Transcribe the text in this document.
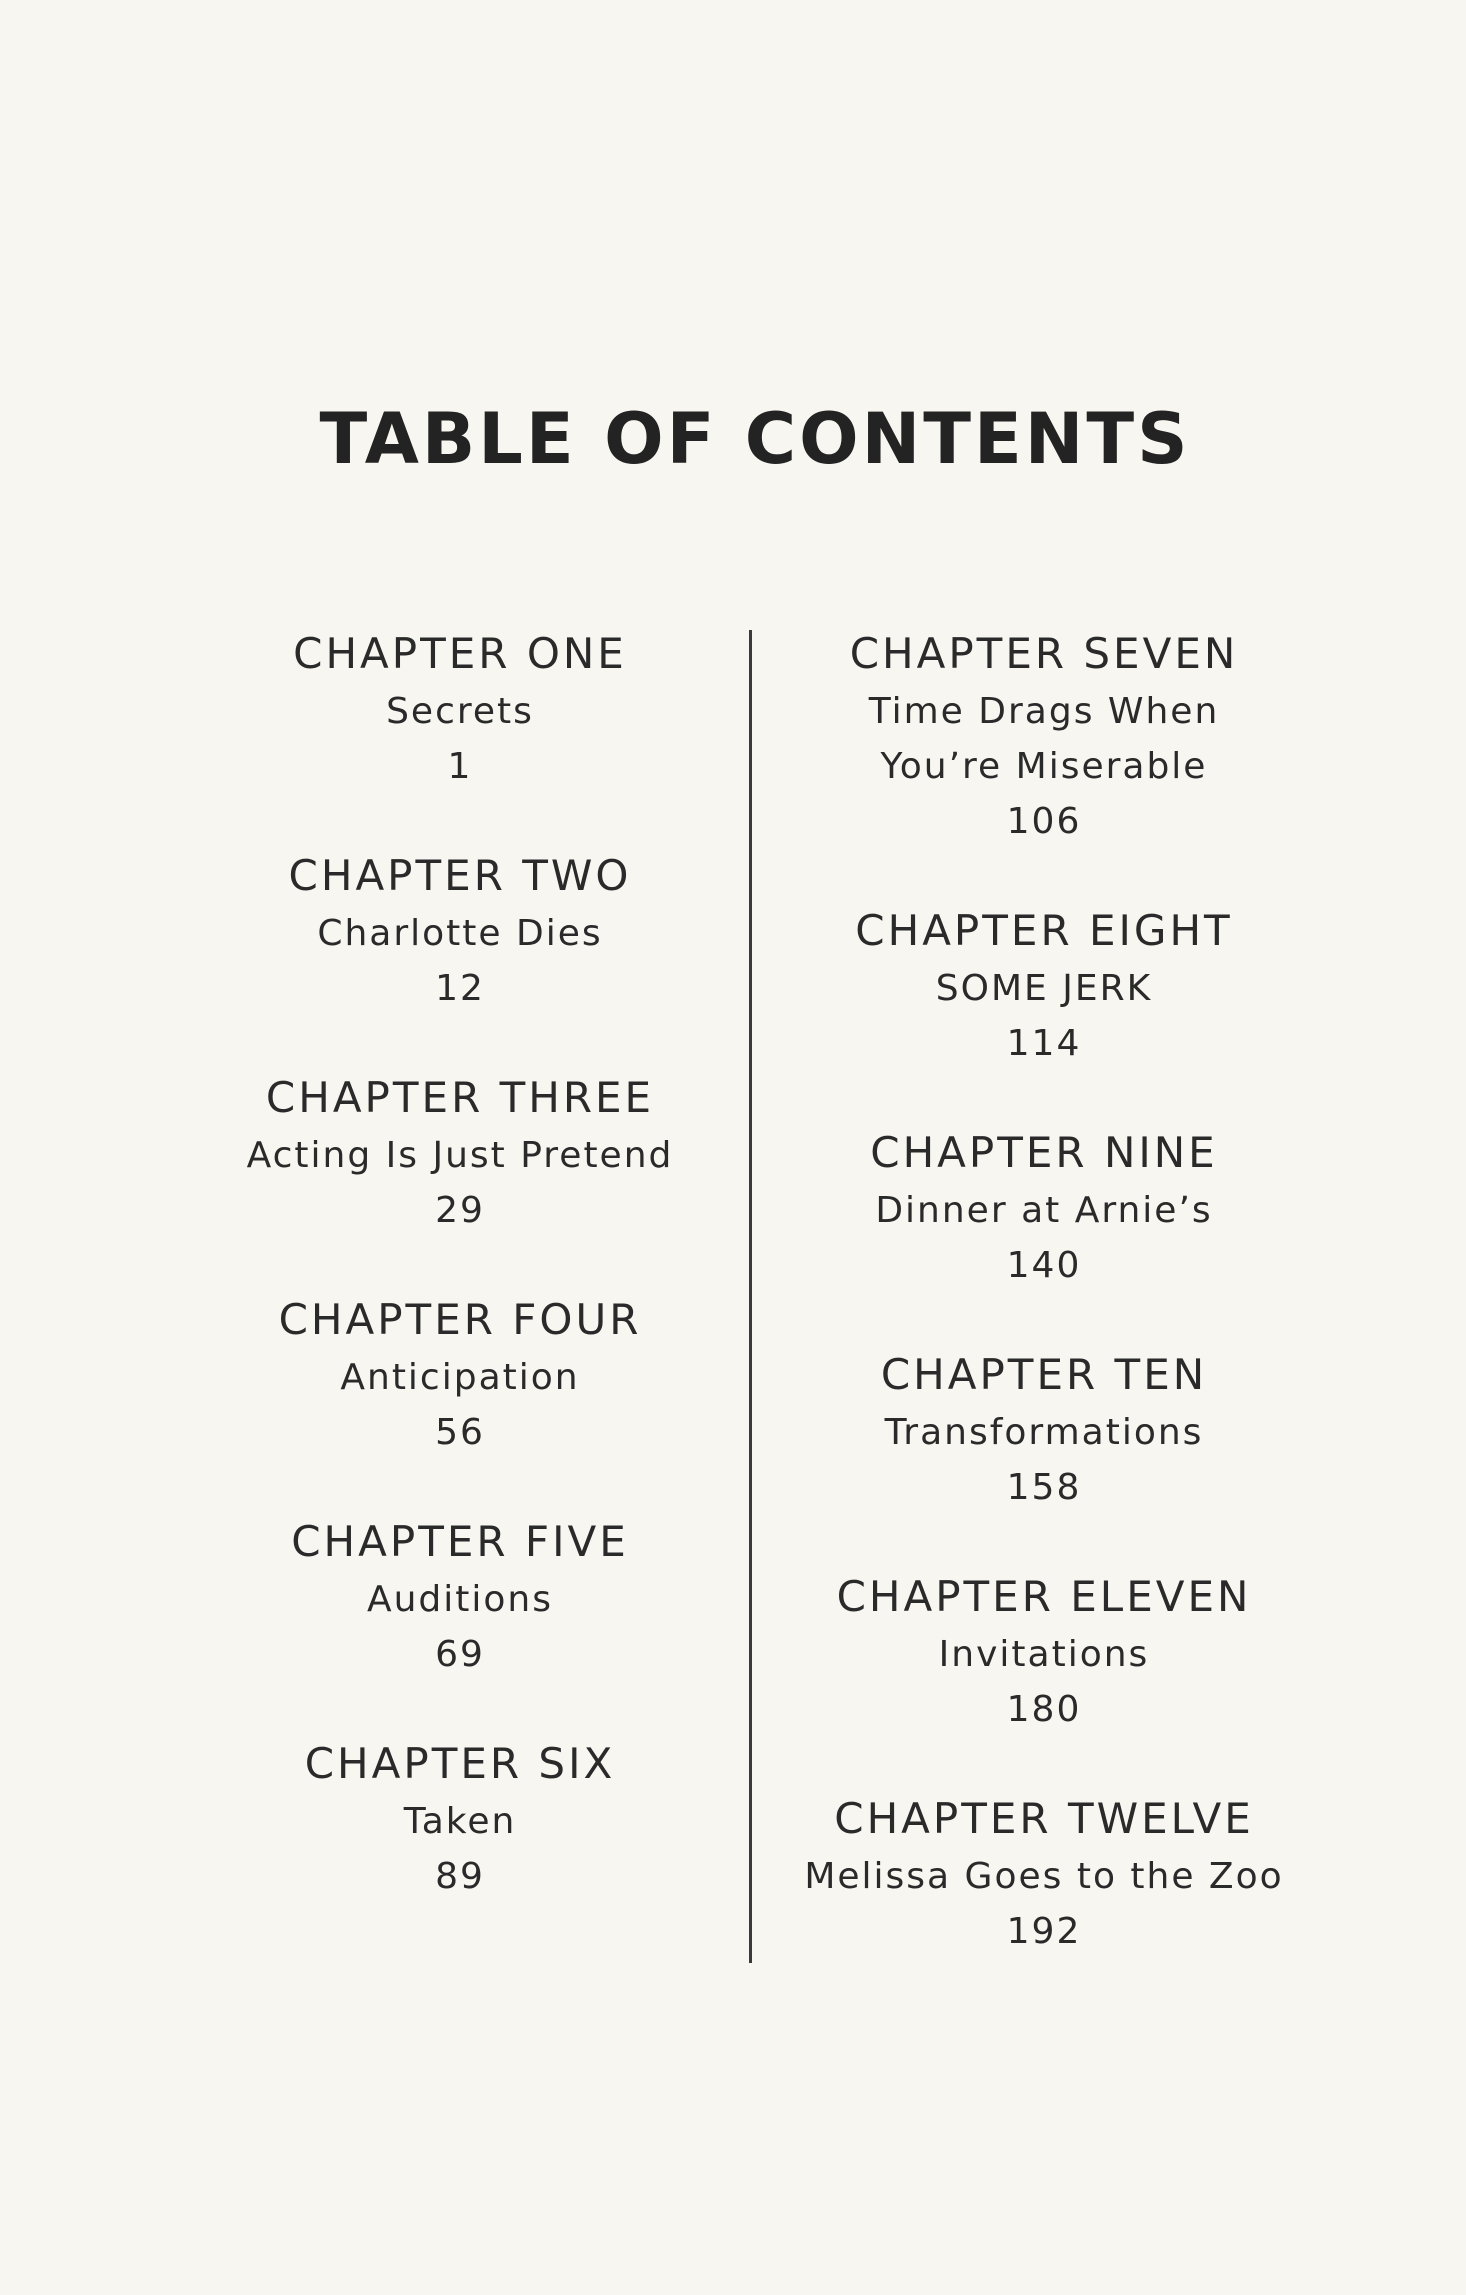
TABLE OF CONTENTS
CHAPTER ONE
Secrets
1
CHAPTER TWO
Charlotte Dies
12
CHAPTER THREE
Acting Is Just Pretend
29
CHAPTER FOUR
Anticipation
56
CHAPTER FIVE
Auditions
69
CHAPTER SIX
Taken
89
CHAPTER SEVEN
Time Drags When You’re Miserable
106
CHAPTER EIGHT
SOME JERK
114
CHAPTER NINE
Dinner at Arnie’s
140
CHAPTER TEN
Transformations
158
CHAPTER ELEVEN
Invitations
180
CHAPTER TWELVE
Melissa Goes to the Zoo
192
